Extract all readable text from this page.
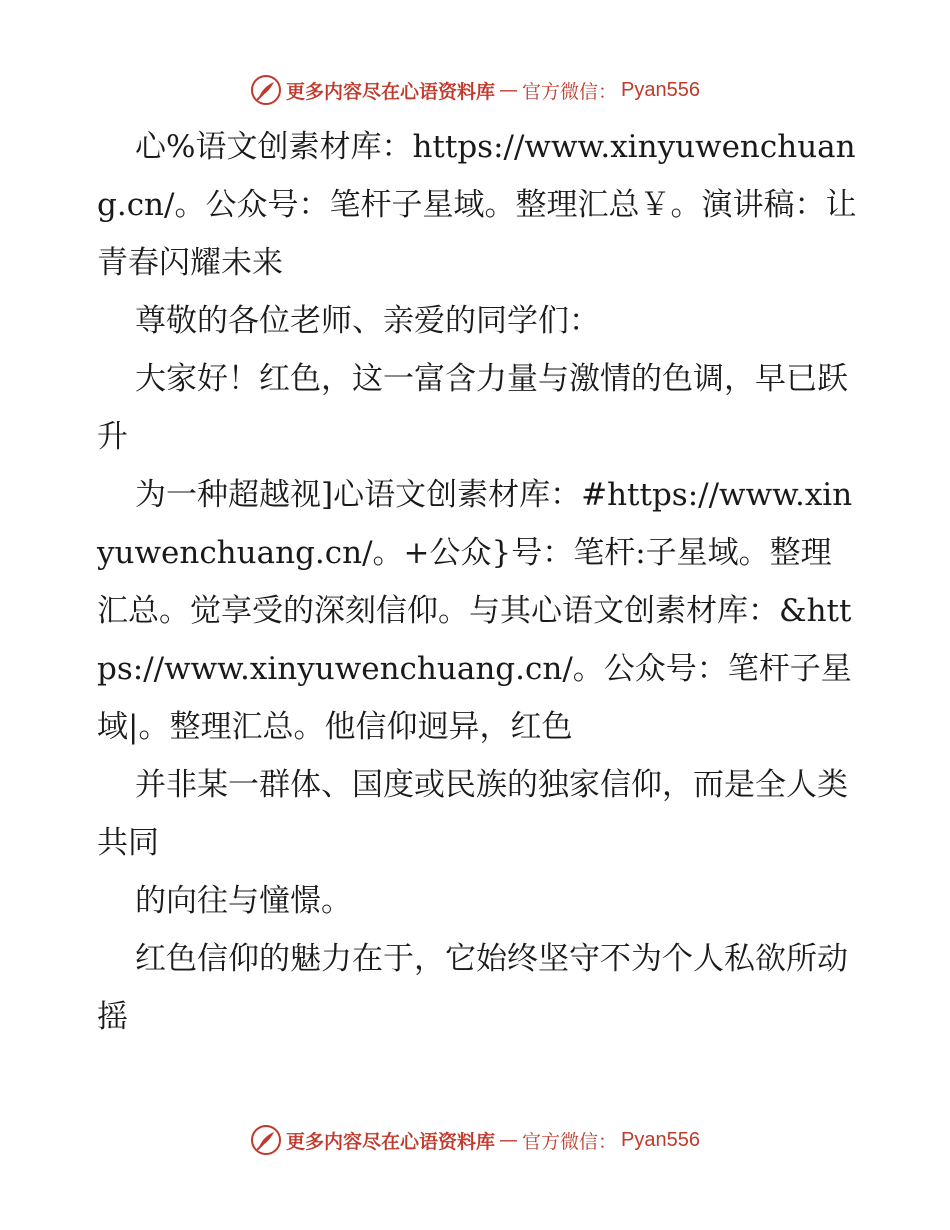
更多内容尽在心语资料库 — 官方微信： Pyan556

心%语文创素材库：https://www.xinyuwenchuang.cn/。公众号：笔杆子星域。整理汇总￥。演讲稿：让青春闪耀未来

尊敬的各位老师、亲爱的同学们：

大家好！红色，这一富含力量与激情的色调，早已跃升

为一种超越视]心语文创素材库：#https://www.xinyuwenchuang.cn/。+公众}号：笔杆:子星域。整理汇总。觉享受的深刻信仰。与其心语文创素材库：&https://www.xinyuwenchuang.cn/。公众号：笔杆子星域|。整理汇总。他信仰迥异，红色

并非某一群体、国度或民族的独家信仰，而是全人类共同

的向往与憧憬。

红色信仰的魅力在于，它始终坚守不为个人私欲所动摇

更多内容尽在心语资料库 — 官方微信： Pyan556
